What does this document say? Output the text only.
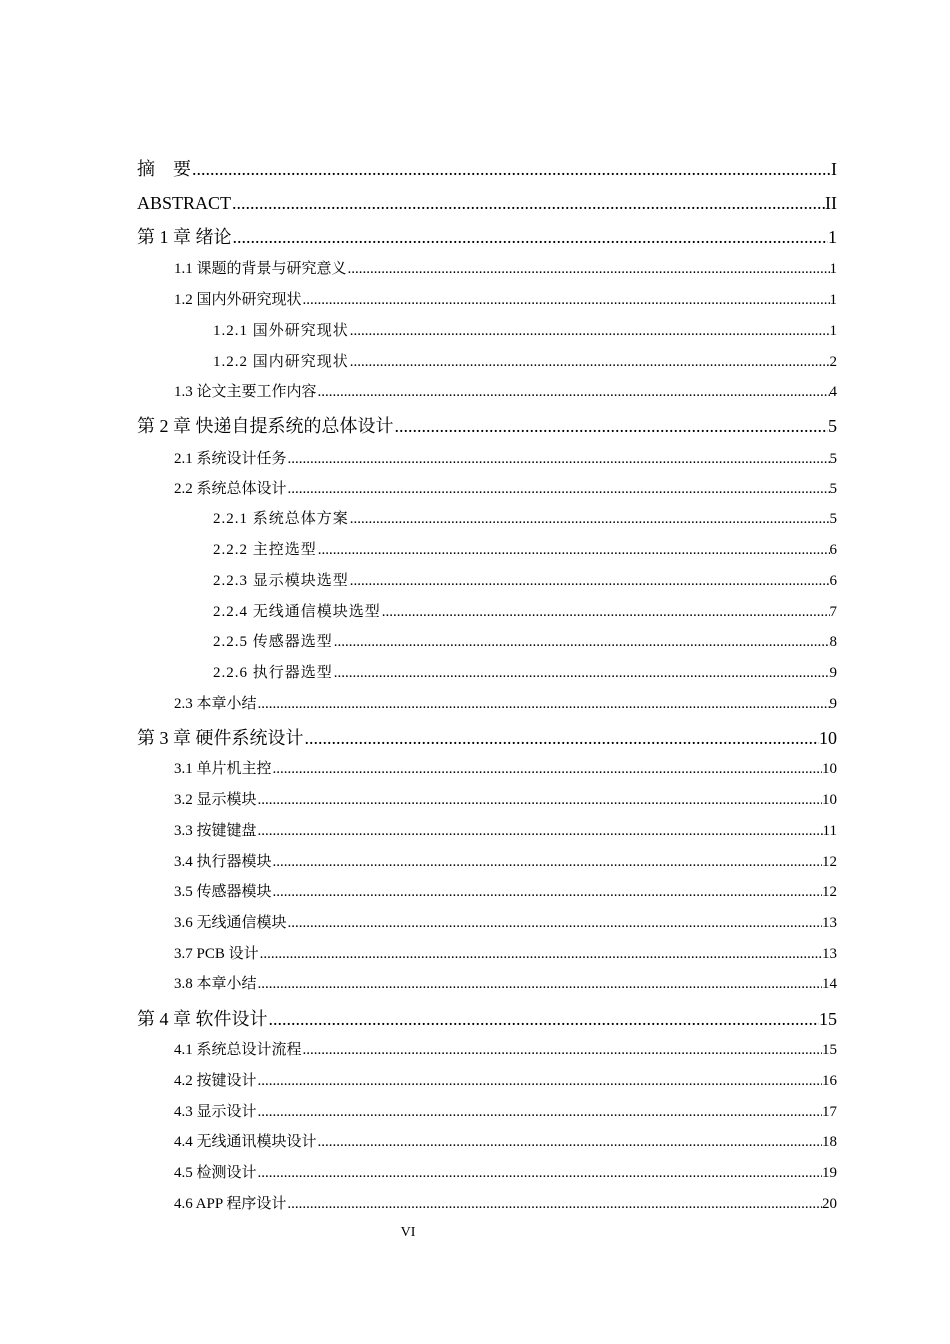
摘　要 .....	I
ABSTRACT .....	II
第 1 章 绪论 .....	1
1.1 课题的背景与研究意义 .....	1
1.2 国内外研究现状 .....	1
1.2.1 国外研究现状 .....	1
1.2.2 国内研究现状 .....	2
1.3 论文主要工作内容 .....	4
第 2 章 快递自提系统的总体设计 .....	5
2.1 系统设计任务 .....	5
2.2 系统总体设计 .....	5
2.2.1 系统总体方案 .....	5
2.2.2 主控选型 .....	6
2.2.3 显示模块选型 .....	6
2.2.4 无线通信模块选型 .....	7
2.2.5 传感器选型 .....	8
2.2.6 执行器选型 .....	9
2.3 本章小结 .....	9
第 3 章 硬件系统设计 .....	10
3.1 单片机主控 .....	10
3.2 显示模块 .....	10
3.3 按键键盘 .....	11
3.4 执行器模块 .....	12
3.5 传感器模块 .....	12
3.6 无线通信模块 .....	13
3.7 PCB 设计 .....	13
3.8 本章小结 .....	14
第 4 章 软件设计 .....	15
4.1 系统总设计流程 .....	15
4.2 按键设计 .....	16
4.3 显示设计 .....	17
4.4 无线通讯模块设计 .....	18
4.5 检测设计 .....	19
4.6 APP 程序设计 .....	20
VI
